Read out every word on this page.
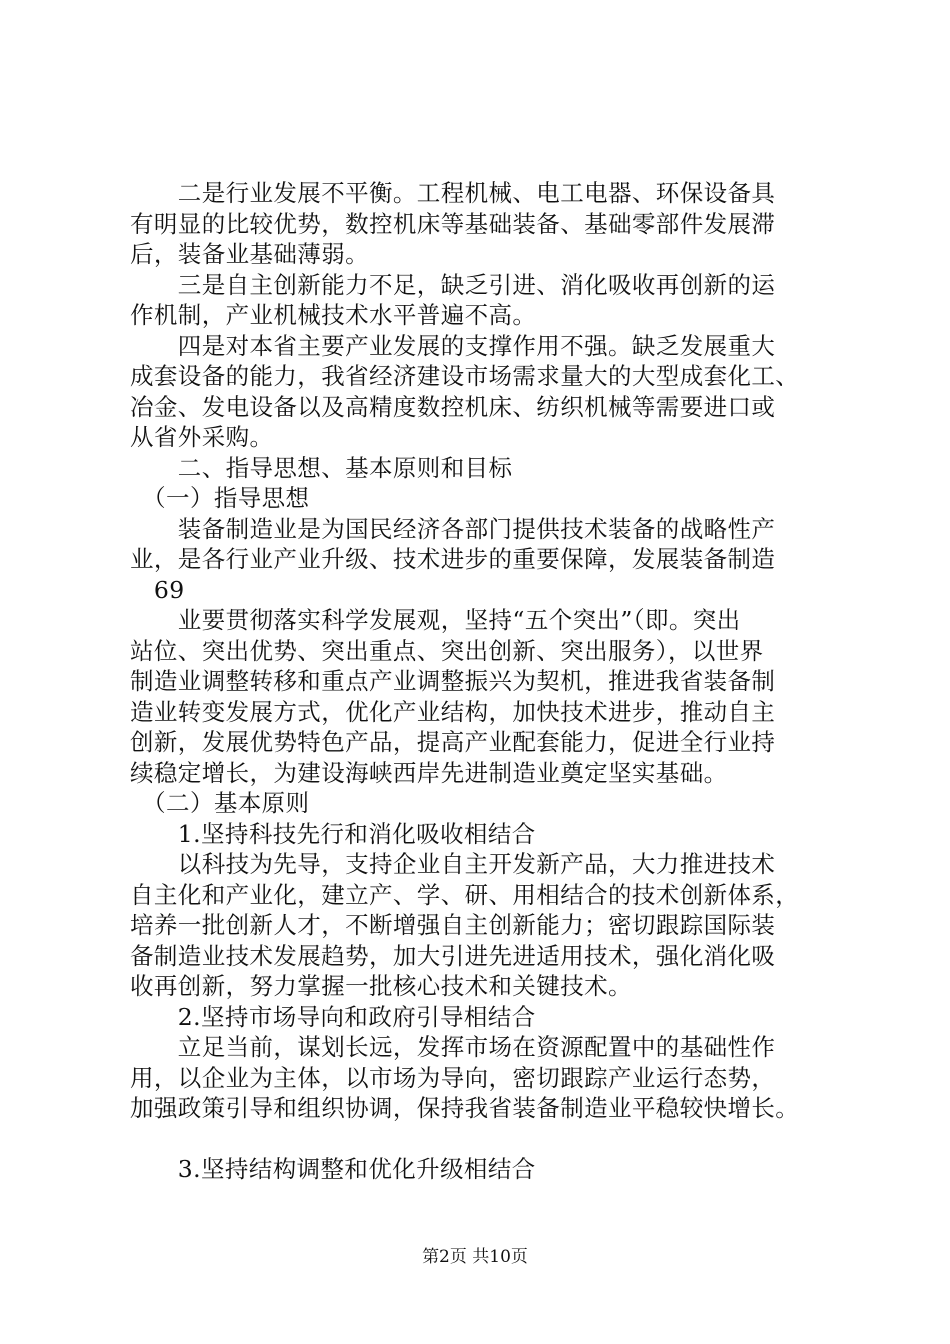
　　二是行业发展不平衡。工程机械、电工电器、环保设备具
有明显的比较优势，数控机床等基础装备、基础零部件发展滞
后，装备业基础薄弱。
　　三是自主创新能力不足，缺乏引进、消化吸收再创新的运
作机制，产业机械技术水平普遍不高。
　　四是对本省主要产业发展的支撑作用不强。缺乏发展重大
成套设备的能力，我省经济建设市场需求量大的大型成套化工、
冶金、发电设备以及高精度数控机床、纺织机械等需要进口或
从省外采购。
　　二、指导思想、基本原则和目标
　（一）指导思想
　　装备制造业是为国民经济各部门提供技术装备的战略性产
业，是各行业产业升级、技术进步的重要保障，发展装备制造
　69
　　业要贯彻落实科学发展观，坚持“五个突出”（即。突出
站位、突出优势、突出重点、突出创新、突出服务），以世界
制造业调整转移和重点产业调整振兴为契机，推进我省装备制
造业转变发展方式，优化产业结构，加快技术进步，推动自主
创新，发展优势特色产品，提高产业配套能力，促进全行业持
续稳定增长，为建设海峡西岸先进制造业奠定坚实基础。
　（二）基本原则
　　1.坚持科技先行和消化吸收相结合
　　以科技为先导，支持企业自主开发新产品，大力推进技术
自主化和产业化，建立产、学、研、用相结合的技术创新体系，
培养一批创新人才，不断增强自主创新能力；密切跟踪国际装
备制造业技术发展趋势，加大引进先进适用技术，强化消化吸
收再创新，努力掌握一批核心技术和关键技术。
　　2.坚持市场导向和政府引导相结合
　　立足当前，谋划长远，发挥市场在资源配置中的基础性作
用，以企业为主体，以市场为导向，密切跟踪产业运行态势，
加强政策引导和组织协调，保持我省装备制造业平稳较快增长。
　　3.坚持结构调整和优化升级相结合
第2页 共10页
